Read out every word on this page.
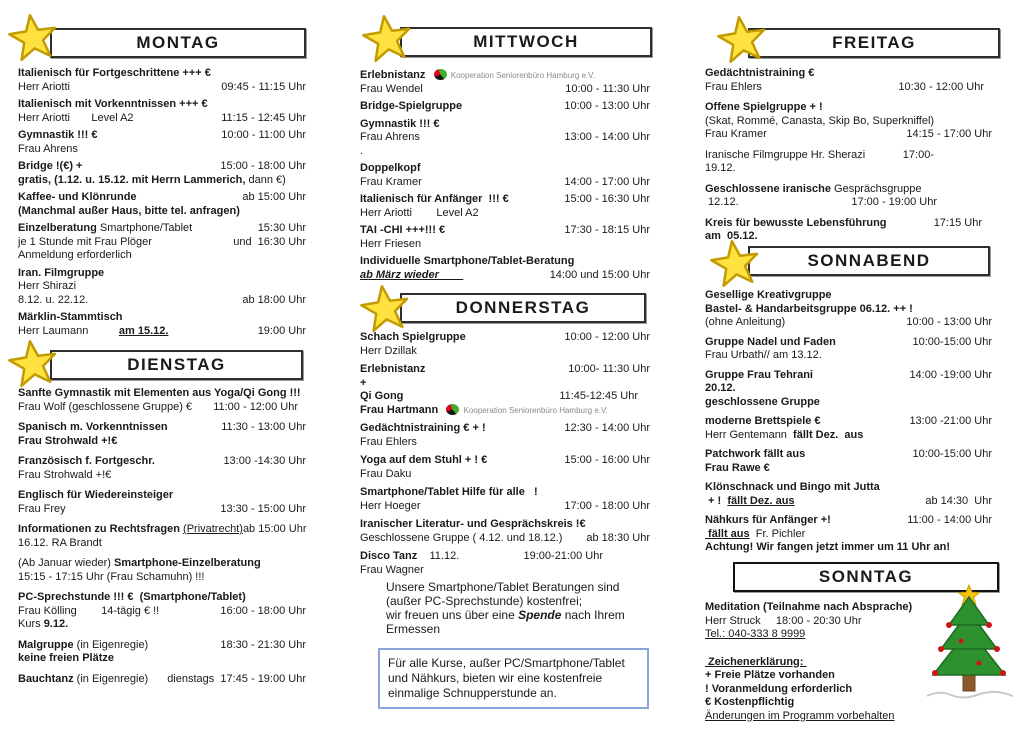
MONTAG
Italienisch für Fortgeschrittene +++ €
Herr Ariotti	09:45 - 11:15 Uhr
Italienisch mit Vorkenntnissen +++ €
Herr Ariotti       Level A2	11:15 - 12:45 Uhr
Gymnastik !!! €	10:00 - 11:00 Uhr
Frau Ahrens
Bridge !(€) +	15:00 - 18:00 Uhr
gratis, (1.12. u. 15.12. mit Herrn Lammerich, dann €)
Kaffee- und Klönrunde	ab 15:00 Uhr
(Manchmal außer Haus, bitte tel. anfragen)
Einzelberatung Smartphone/Tablet	15:30 Uhr
je 1 Stunde mit Frau Plöger	und  16:30 Uhr
Anmeldung erforderlich
Iran. Filmgruppe
Herr Shirazi
8.12. u. 22.12.	ab 18:00 Uhr
Märklin-Stammtisch
Herr Laumann          am 15.12.	19:00 Uhr
DIENSTAG
Sanfte Gymnastik mit Elementen aus Yoga/Qi Gong !!!
Frau Wolf (geschlossene Gruppe) € 11:00 - 12:00 Uhr
Spanisch m. Vorkenntnissen	11:30 - 13:00 Uhr
Frau Strohwald +!€
Französisch f. Fortgeschr.	13:00 -14:30 Uhr
Frau Strohwald +!€
Englisch für Wiedereinsteiger
Frau Frey	13:30 - 15:00 Uhr
Informationen zu Rechtsfragen (Privatrecht) ab 15:00 Uhr
16.12. RA Brandt
(Ab Januar wieder) Smartphone-Einzelberatung
15:15 - 17:15 Uhr (Frau Schamuhn) !!!
PC-Sprechstunde !!! €  (Smartphone/Tablet)
Frau Kölling        14-tägig € !!	16:00 - 18:00 Uhr
Kurs 9.12.
Malgruppe (in Eigenregie)	18:30 - 21:30 Uhr
keine freien Plätze
Bauchtanz (in Eigenregie) dienstags  17:45 - 19:00 Uhr
MITTWOCH
Erlebnistanz   Kooperation Seniorenbüro Hamburg e.V.
Frau Wendel	10:00 - 11:30 Uhr
Bridge-Spielgruppe	10:00 - 13:00 Uhr
Gymnastik !!! €
Frau Ahrens	13:00 - 14:00 Uhr
.
Doppelkopf
Frau Kramer	14:00 - 17:00 Uhr
Italienisch für Anfänger  !!! €	15:00 - 16:30 Uhr
Herr Ariotti        Level A2
TAI -CHI +++!!! €	17:30 - 18:15 Uhr
Herr Friesen
Individuelle Smartphone/Tablet-Beratung
ab März wieder	14:00 und 15:00 Uhr
DONNERSTAG
Schach Spielgruppe	10:00 - 12:00 Uhr
Herr Dzillak
Erlebnistanz	10:00- 11:30 Uhr
+
Qi Gong	11:45-12:45 Uhr
Frau Hartmann   Kooperation Seniorenbüro Hamburg e.V.
Gedächtnistraining € + !	12:30 - 14:00 Uhr
Frau Ehlers
Yoga auf dem Stuhl + ! €	15:00 - 16:00 Uhr
Frau Daku
Smartphone/Tablet Hilfe für alle   !
Herr Hoeger	17:00 - 18:00 Uhr
Iranischer Literatur- und Gesprächskreis !€
Geschlossene Gruppe ( 4.12. und 18.12.) ab 18:30 Uhr
Disco Tanz    11.12.	19:00-21:00 Uhr
Frau Wagner
FREITAG
Gedächtnistraining €
Frau Ehlers	10:30 - 12:00 Uhr
Offene Spielgruppe + !
(Skat, Rommé, Canasta, Skip Bo, Superkniffel)
Frau Kramer	14:15 - 17:00 Uhr
Iranische Filmgruppe Hr. Sherazi	17:00-
19.12.
Geschlossene iranische Gesprächsgruppe
12.12.	17:00 - 19:00 Uhr
Kreis für bewusste Lebensführung	17:15 Uhr
am  05.12.
SONNABEND
Gesellige Kreativgruppe
Bastel- & Handarbeitsgruppe 06.12. ++ !
(ohne Anleitung)	10:00 - 13:00 Uhr
Gruppe Nadel und Faden	10:00-15:00 Uhr
Frau Urbath// am 13.12.
Gruppe Frau Tehrani	14:00 -19:00 Uhr
20.12.
geschlossene Gruppe
moderne Brettspiele €	13:00 -21:00 Uhr
Herr Gentemann  fällt Dez.  aus
Patchwork fällt aus	10:00-15:00 Uhr
Frau Rawe €
Klönschnack und Bingo mit Jutta
+ !  fällt Dez. aus	ab 14:30  Uhr
Nähkurs für Anfänger +!	11:00 - 14:00 Uhr
fällt aus  Fr. Pichler
Achtung! Wir fangen jetzt immer um 11 Uhr an!
SONNTAG
Meditation (Teilnahme nach Absprache)
Herr Struck     18:00 - 20:30 Uhr
Tel.: 040-333 8 9999
Zeichenerklärung:
+ Freie Plätze vorhanden
! Voranmeldung erforderlich
€ Kostenpflichtig
Änderungen im Programm vorbehalten
Unsere Smartphone/Tablet Beratungen sind
(außer PC-Sprechstunde) kostenfrei;
wir freuen uns über eine Spende nach Ihrem
Ermessen
Für alle Kurse, außer PC/Smartphone/Tablet
und Nähkurs, bieten wir eine kostenfreie
einmalige Schnupperstunde an.
